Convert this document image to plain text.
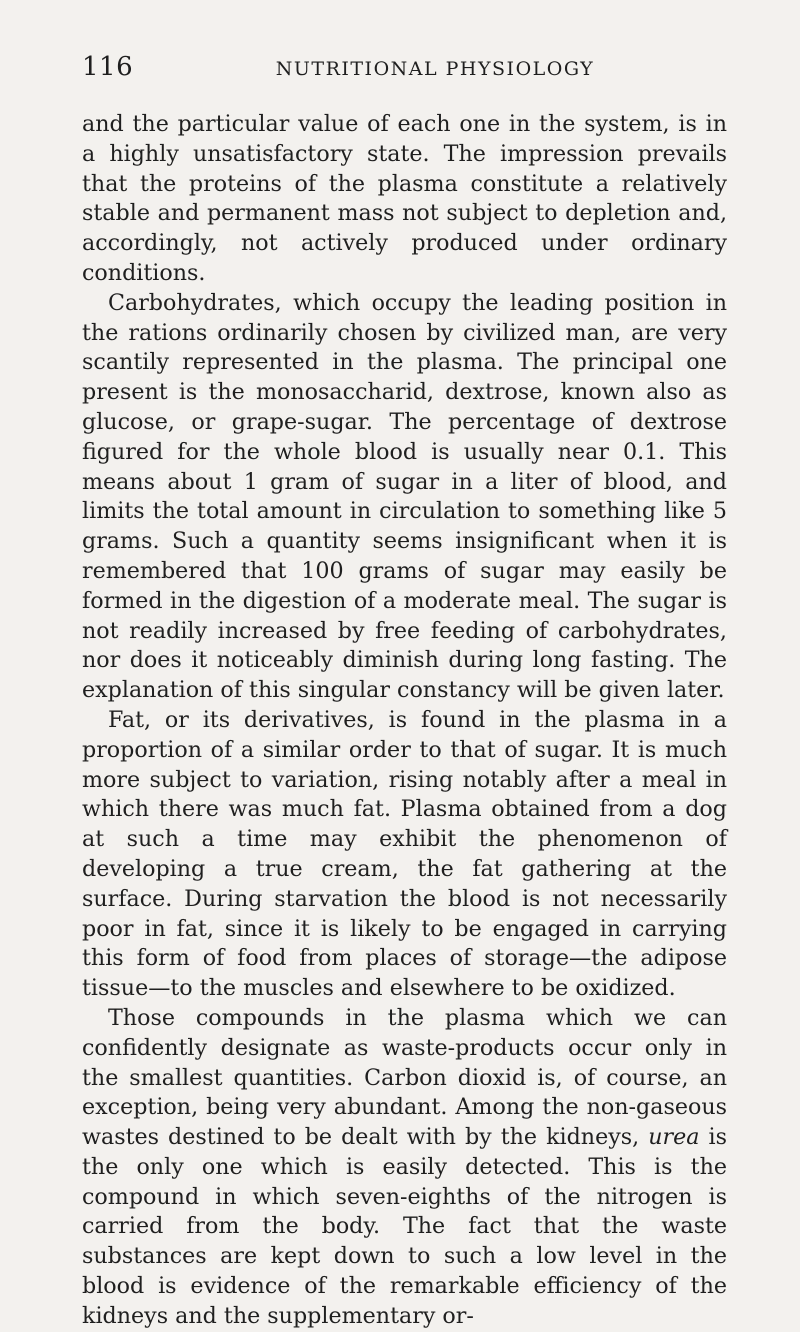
116	NUTRITIONAL PHYSIOLOGY

and the particular value of each one in the system, is in a highly unsatisfactory state. The impression prevails that the proteins of the plasma constitute a relatively stable and permanent mass not subject to depletion and, accordingly, not actively produced under ordinary conditions.

Carbohydrates, which occupy the leading position in the rations ordinarily chosen by civilized man, are very scantily represented in the plasma. The principal one present is the monosaccharid, dextrose, known also as glucose, or grape-sugar. The percentage of dextrose figured for the whole blood is usually near 0.1. This means about 1 gram of sugar in a liter of blood, and limits the total amount in circulation to something like 5 grams. Such a quantity seems insignificant when it is remembered that 100 grams of sugar may easily be formed in the digestion of a moderate meal. The sugar is not readily increased by free feeding of carbohydrates, nor does it noticeably diminish during long fasting. The explanation of this singular constancy will be given later.

Fat, or its derivatives, is found in the plasma in a proportion of a similar order to that of sugar. It is much more subject to variation, rising notably after a meal in which there was much fat. Plasma obtained from a dog at such a time may exhibit the phenomenon of developing a true cream, the fat gathering at the surface. During starvation the blood is not necessarily poor in fat, since it is likely to be engaged in carrying this form of food from places of storage—the adipose tissue—to the muscles and elsewhere to be oxidized.

Those compounds in the plasma which we can confidently designate as waste-products occur only in the smallest quantities. Carbon dioxid is, of course, an exception, being very abundant. Among the non-gaseous wastes destined to be dealt with by the kidneys, urea is the only one which is easily detected. This is the compound in which seven-eighths of the nitrogen is carried from the body. The fact that the waste substances are kept down to such a low level in the blood is evidence of the remarkable efficiency of the kidneys and the supplementary or-
